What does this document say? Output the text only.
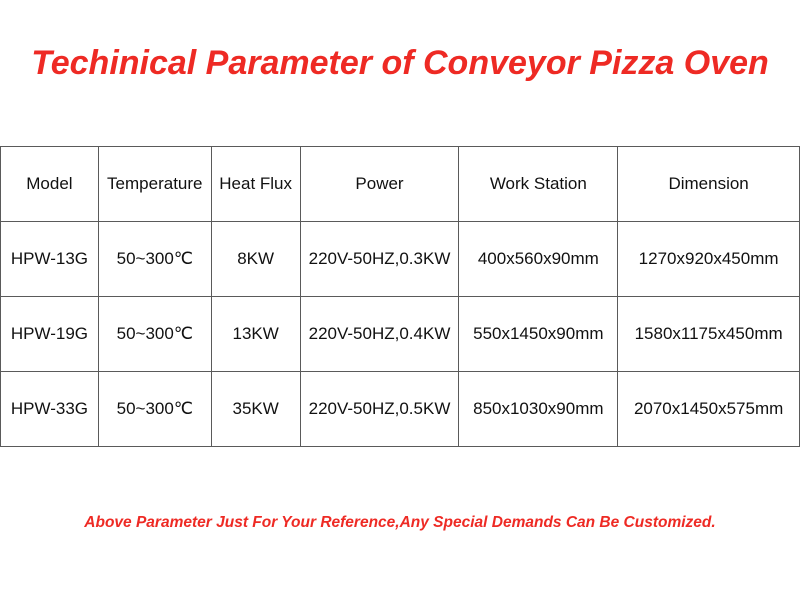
Techinical Parameter of Conveyor Pizza Oven
Model	Temperature	Heat Flux	Power	Work Station	Dimension
HPW-13G	50~300℃	8KW	220V-50HZ,0.3KW	400x560x90mm	1270x920x450mm
HPW-19G	50~300℃	13KW	220V-50HZ,0.4KW	550x1450x90mm	1580x1175x450mm
HPW-33G	50~300℃	35KW	220V-50HZ,0.5KW	850x1030x90mm	2070x1450x575mm
Above Parameter Just For Your Reference,Any Special Demands Can Be Customized.
